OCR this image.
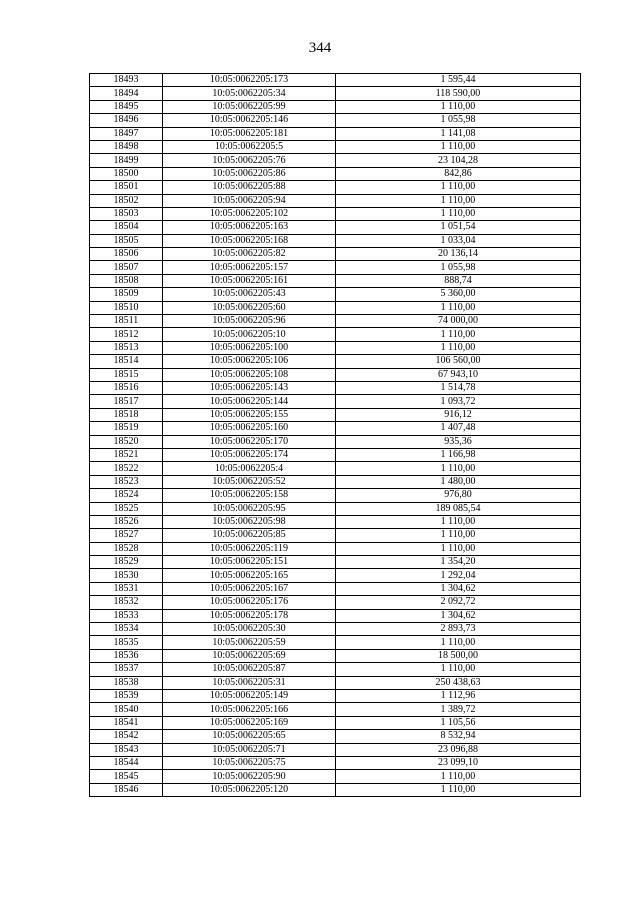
344
18493	10:05:0062205:173	1 595,44
18494	10:05:0062205:34	118 590,00
18495	10:05:0062205:99	1 110,00
18496	10:05:0062205:146	1 055,98
18497	10:05:0062205:181	1 141,08
18498	10:05:0062205:5	1 110,00
18499	10:05:0062205:76	23 104,28
18500	10:05:0062205:86	842,86
18501	10:05:0062205:88	1 110,00
18502	10:05:0062205:94	1 110,00
18503	10:05:0062205:102	1 110,00
18504	10:05:0062205:163	1 051,54
18505	10:05:0062205:168	1 033,04
18506	10:05:0062205:82	20 136,14
18507	10:05:0062205:157	1 055,98
18508	10:05:0062205:161	888,74
18509	10:05:0062205:43	5 360,00
18510	10:05:0062205:60	1 110,00
18511	10:05:0062205:96	74 000,00
18512	10:05:0062205:10	1 110,00
18513	10:05:0062205:100	1 110,00
18514	10:05:0062205:106	106 560,00
18515	10:05:0062205:108	67 943,10
18516	10:05:0062205:143	1 514,78
18517	10:05:0062205:144	1 093,72
18518	10:05:0062205:155	916,12
18519	10:05:0062205:160	1 407,48
18520	10:05:0062205:170	935,36
18521	10:05:0062205:174	1 166,98
18522	10:05:0062205:4	1 110,00
18523	10:05:0062205:52	1 480,00
18524	10:05:0062205:158	976,80
18525	10:05:0062205:95	189 085,54
18526	10:05:0062205:98	1 110,00
18527	10:05:0062205:85	1 110,00
18528	10:05:0062205:119	1 110,00
18529	10:05:0062205:151	1 354,20
18530	10:05:0062205:165	1 292,04
18531	10:05:0062205:167	1 304,62
18532	10:05:0062205:176	2 092,72
18533	10:05:0062205:178	1 304,62
18534	10:05:0062205:30	2 893,73
18535	10:05:0062205:59	1 110,00
18536	10:05:0062205:69	18 500,00
18537	10:05:0062205:87	1 110,00
18538	10:05:0062205:31	250 438,63
18539	10:05:0062205:149	1 112,96
18540	10:05:0062205:166	1 389,72
18541	10:05:0062205:169	1 105,56
18542	10:05:0062205:65	8 532,94
18543	10:05:0062205:71	23 096,88
18544	10:05:0062205:75	23 099,10
18545	10:05:0062205:90	1 110,00
18546	10:05:0062205:120	1 110,00
